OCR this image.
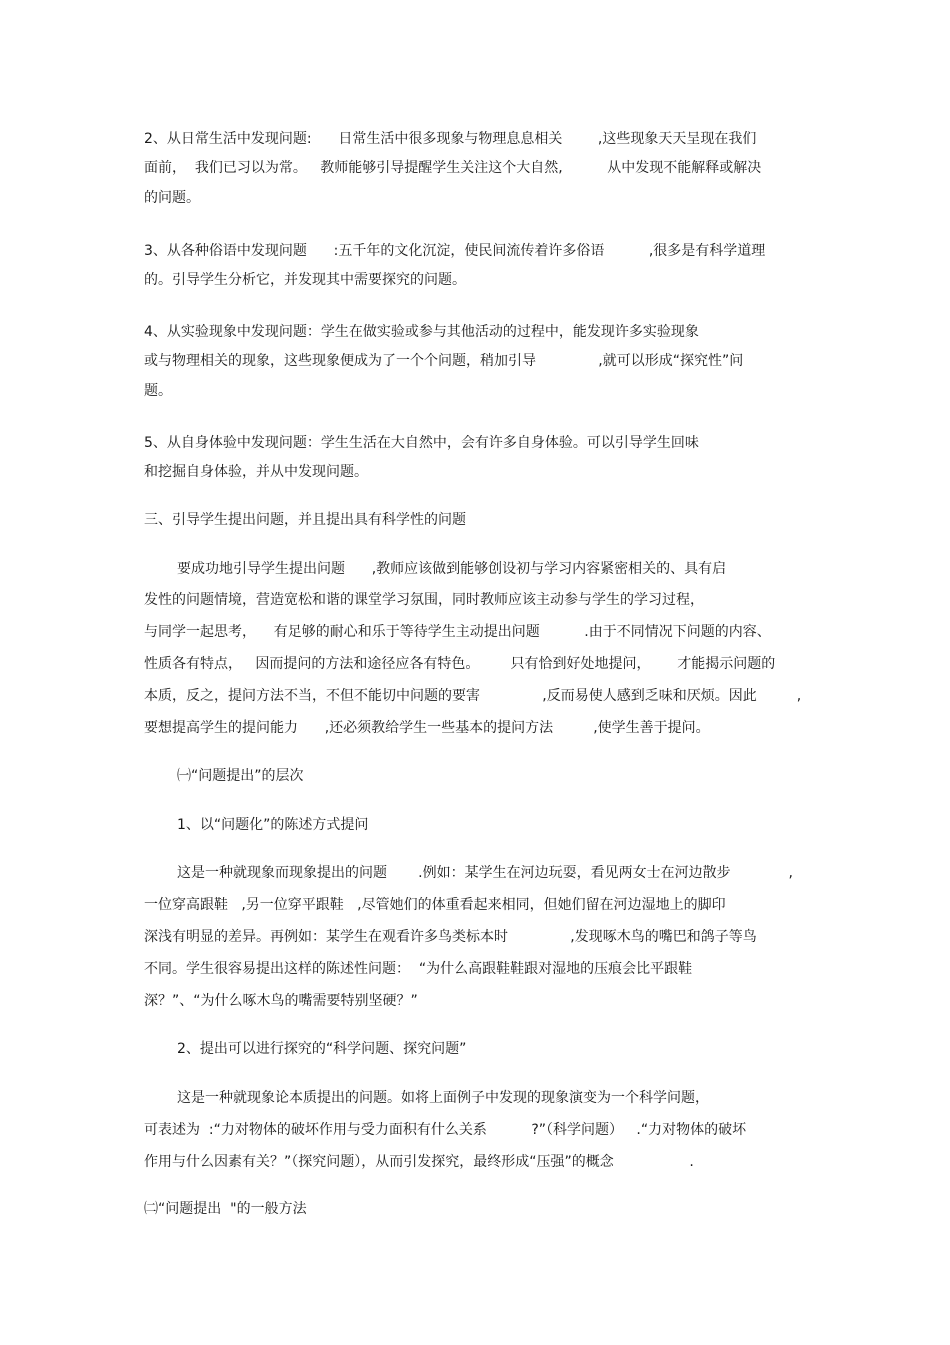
2、从日常生活中发现问题:      日常生活中很多现象与物理息息相关        ,这些现象天天呈现在我们

面前，  我们已习以为常。   教师能够引导提醒学生关注这个大自然,          从中发现不能解释或解决

的问题。

3、从各种俗语中发现问题      :五千年的文化沉淀，使民间流传着许多俗语          ,很多是有科学道理

的。引导学生分析它，并发现其中需要探究的问题。

4、从实验现象中发现问题：学生在做实验或参与其他活动的过程中，能发现许多实验现象

或与物理相关的现象，这些现象便成为了一个个问题，稍加引导              ,就可以形成“探究性”问

题。

5、从自身体验中发现问题：学生生活在大自然中，会有许多自身体验。可以引导学生回味

和挖掘自身体验，并从中发现问题。

三、引导学生提出问题，并且提出具有科学性的问题

要成功地引导学生提出问题      ,教师应该做到能够创设初与学习内容紧密相关的、具有启

发性的问题情境，营造宽松和谐的课堂学习氛围，同时教师应该主动参与学生的学习过程，

与同学一起思考，    有足够的耐心和乐于等待学生主动提出问题          .由于不同情况下问题的内容、

性质各有特点，   因而提问的方法和途径应各有特色。       只有恰到好处地提问，      才能揭示问题的

本质，反之，提问方法不当，不但不能切中问题的要害              ,反而易使人感到乏味和厌烦。因此         ,

要想提高学生的提问能力      ,还必须教给学生一些基本的提问方法         ,使学生善于提问。

㈠“问题提出”的层次

1、以“问题化”的陈述方式提问

这是一种就现象而现象提出的问题       .例如：某学生在河边玩耍，看见两女士在河边散步             ,

一位穿高跟鞋   ,另一位穿平跟鞋   ,尽管她们的体重看起来相同，但她们留在河边湿地上的脚印

深浅有明显的差异。再例如：某学生在观看许多鸟类标本时              ,发现啄木鸟的嘴巴和鸽子等鸟

不同。学生很容易提出这样的陈述性问题：  “为什么高跟鞋鞋跟对湿地的压痕会比平跟鞋

深？”、“为什么啄木鸟的嘴需要特别坚硬？”

2、提出可以进行探究的“科学问题、探究问题”

这是一种就现象论本质提出的问题。如将上面例子中发现的现象演变为一个科学问题，

可表述为  :“力对物体的破坏作用与受力面积有什么关系          ?”（科学问题）   .“力对物体的破坏

作用与什么因素有关？”（探究问题），从而引发探究，最终形成“压强”的概念                 .

㈡“问题提出  "的一般方法
